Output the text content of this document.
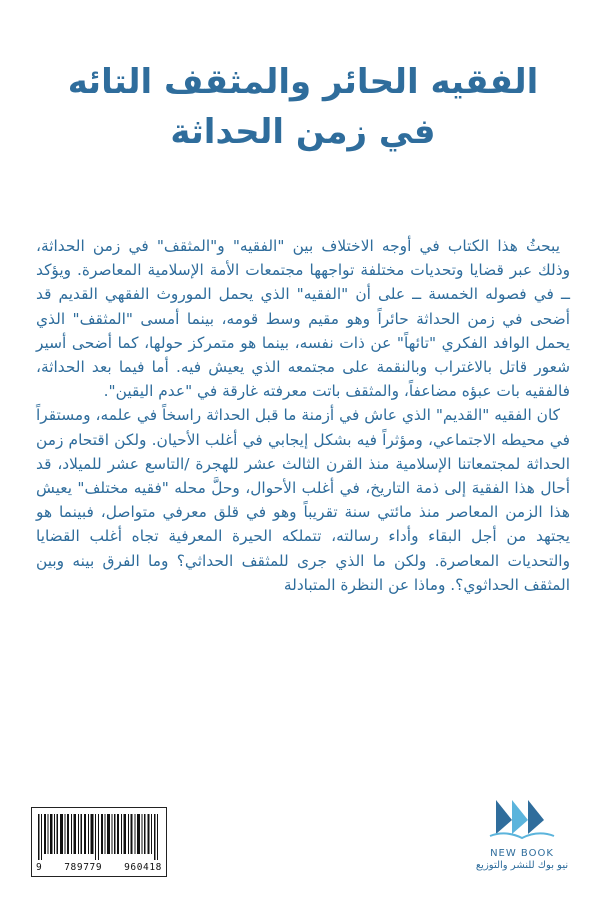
الفقيه الحائر والمثقف التائه
في زمن الحداثة

يبحثُ هذا الكتاب في أوجه الاختلاف بين "الفقيه" و"المثقف" في زمن الحداثة، وذلك عبر قضايا وتحديات مختلفة تواجهها مجتمعات الأمة الإسلامية المعاصرة. ويؤكد ــ في فصوله الخمسة ــ على أن "الفقيه" الذي يحمل الموروث الفقهي القديم قد أضحى في زمن الحداثة حائراً وهو مقيم وسط قومه، بينما أمسى "المثقف" الذي يحمل الوافد الفكري "تائهاً" عن ذات نفسه، بينما هو متمركز حولها، كما أضحى أسير شعور قاتل بالاغتراب وبالنقمة على مجتمعه الذي يعيش فيه. أما فيما بعد الحداثة، فالفقيه بات عبؤه مضاعفاً، والمثقف باتت معرفته غارقة في "عدم اليقين".

كان الفقيه "القديم" الذي عاش في أزمنة ما قبل الحداثة راسخاً في علمه، ومستقراً في محيطه الاجتماعي، ومؤثراً فيه بشكل إيجابي في أغلب الأحيان. ولكن اقتحام زمن الحداثة لمجتمعاتنا الإسلامية منذ القرن الثالث عشر للهجرة /التاسع عشر للميلاد، قد أحال هذا الفقيهَ إلى ذمة التاريخ، في أغلب الأحوال، وحلَّ محله "فقيه مختلف" يعيش هذا الزمن المعاصر منذ مائتي سنة تقريباً وهو في قلق معرفي متواصل، فبينما هو يجتهد من أجل البقاء وأداء رسالته، تتملكه الحيرة المعرفية تجاه أغلب القضايا والتحديات المعاصرة. ولكن ما الذي جرى للمثقف الحداثي؟ وما الفرق بينه وبين المثقف الحداثوي؟. وماذا عن النظرة المتبادلة

9 789779 960418
NEW BOOK
نيو بوك للنشر والتوزيع
